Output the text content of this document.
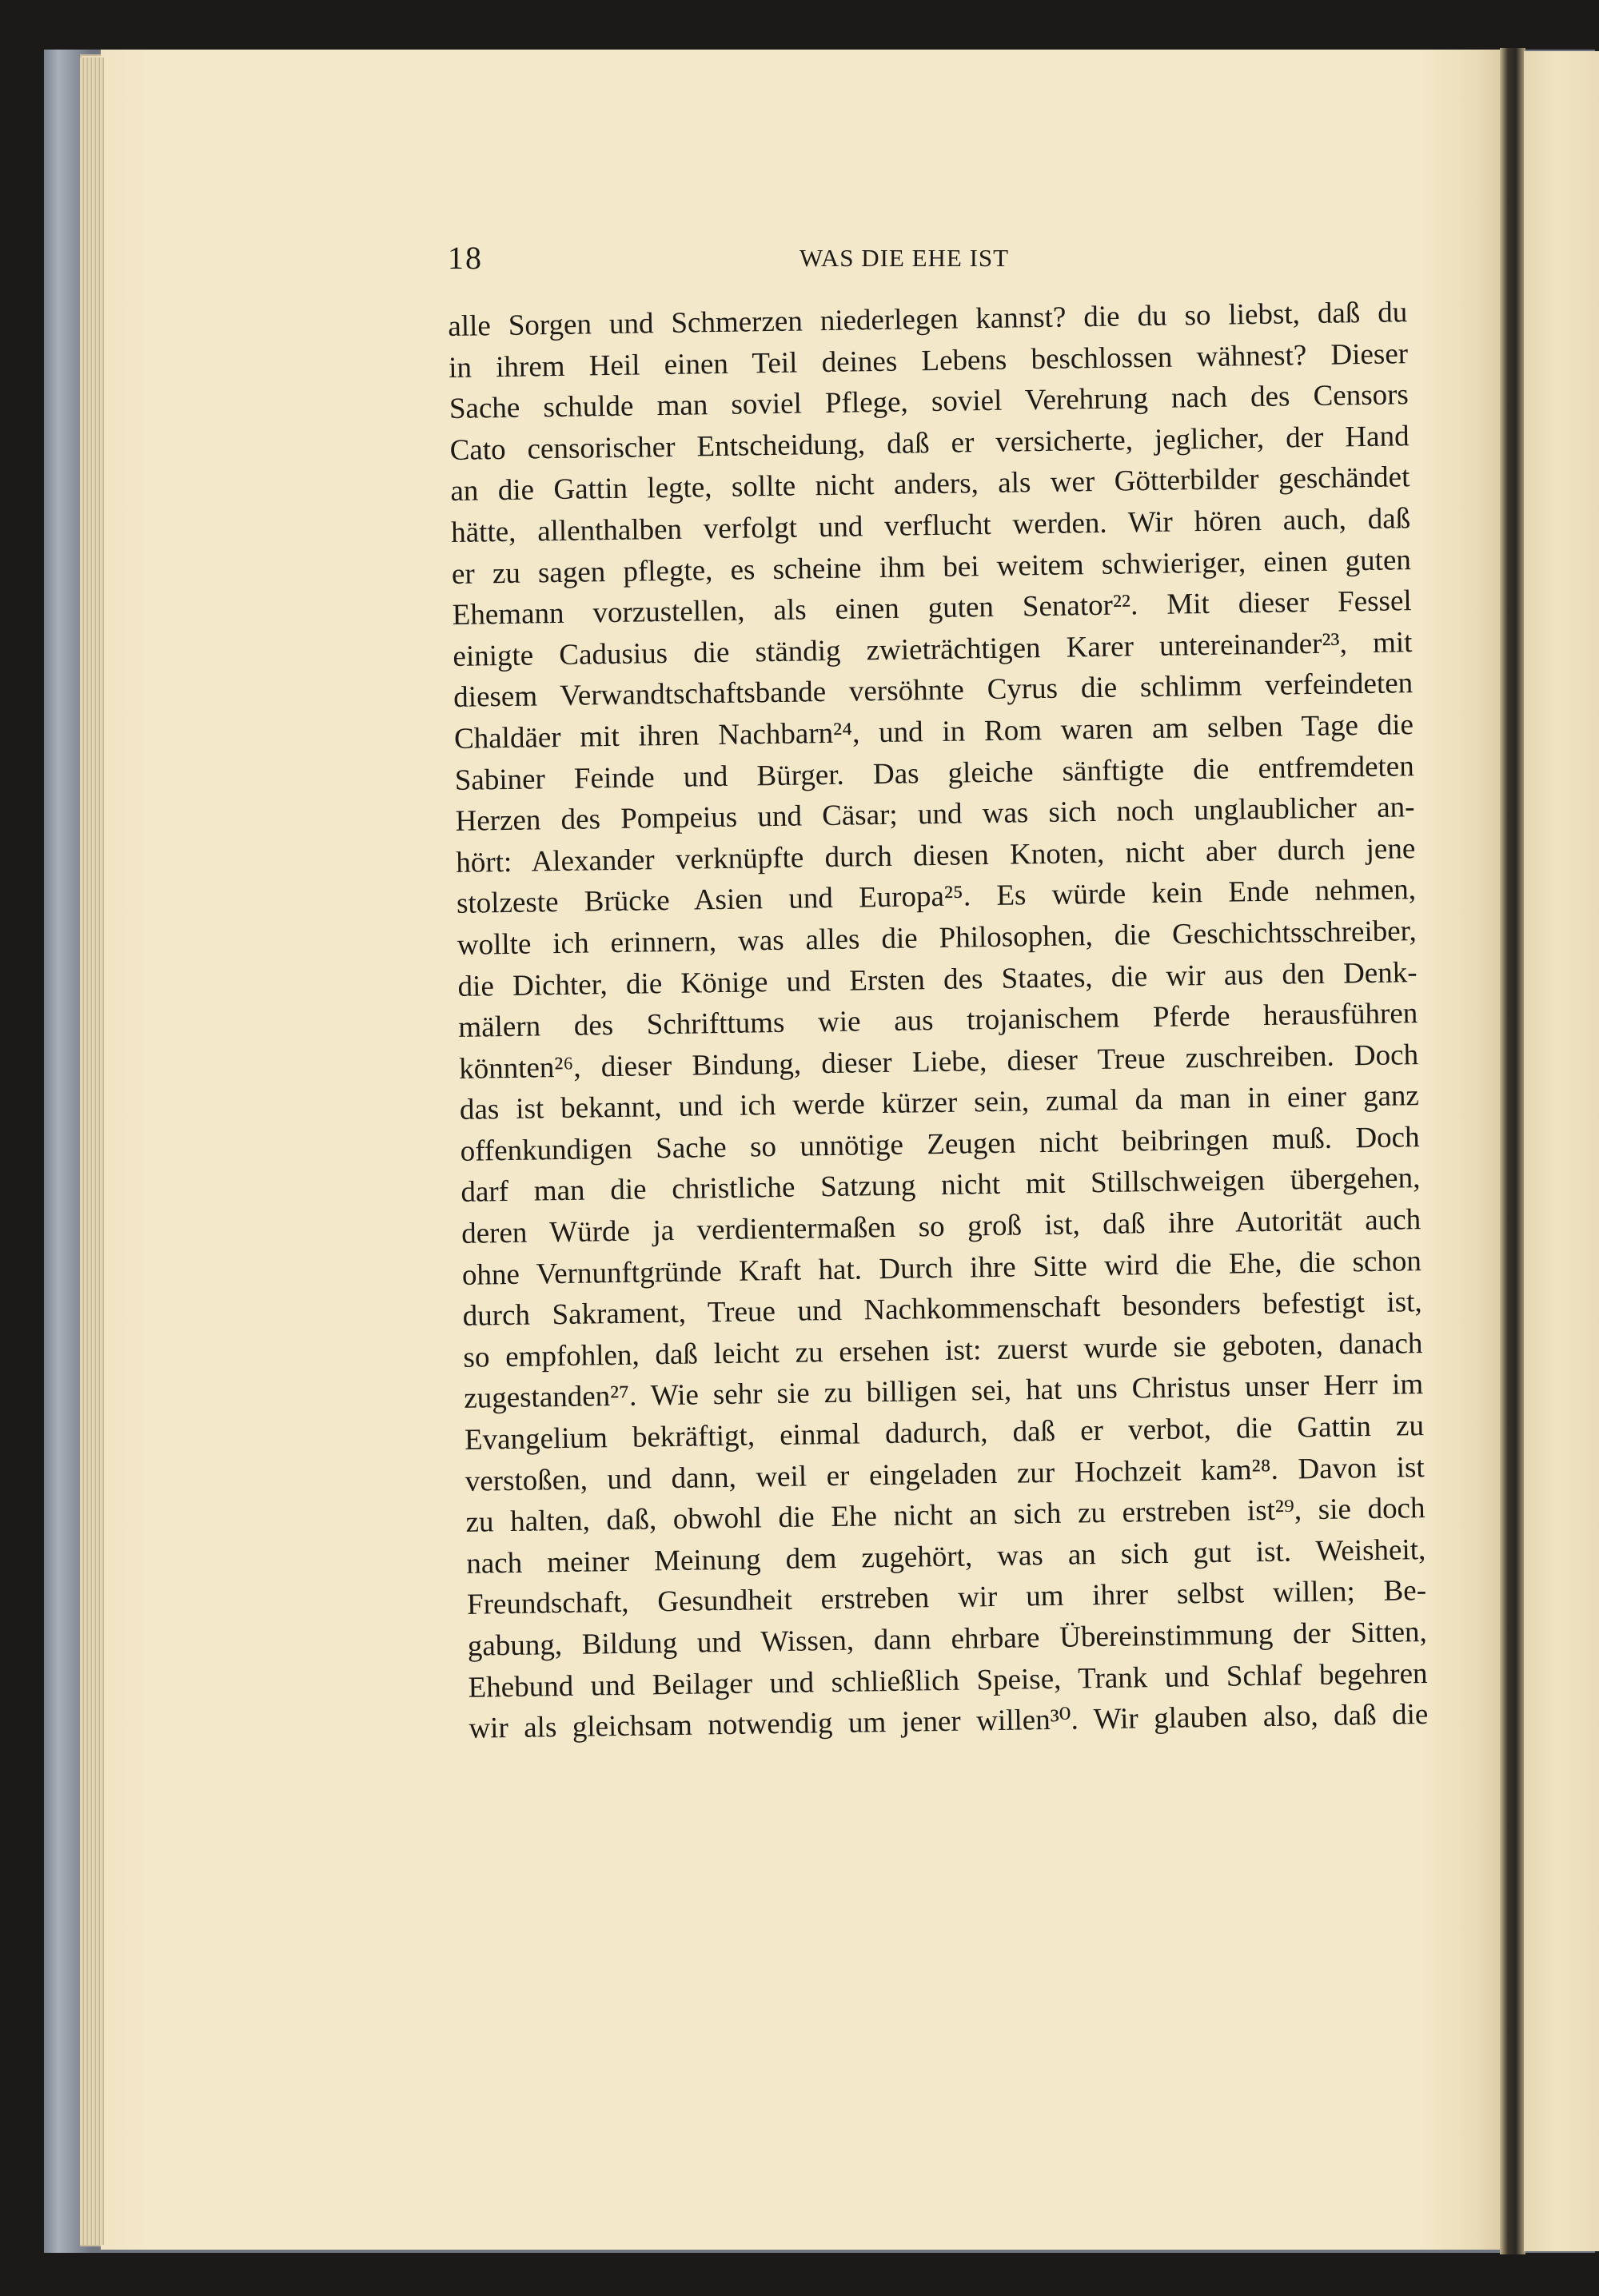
18	WAS DIE EHE IST
alle Sorgen und Schmerzen niederlegen kannst? die du so liebst, daß du
in ihrem Heil einen Teil deines Lebens beschlossen wähnest? Dieser
Sache schulde man soviel Pflege, soviel Verehrung nach des Censors
Cato censorischer Entscheidung, daß er versicherte, jeglicher, der Hand
an die Gattin legte, sollte nicht anders, als wer Götterbilder geschändet
hätte, allenthalben verfolgt und verflucht werden. Wir hören auch, daß
er zu sagen pflegte, es scheine ihm bei weitem schwieriger, einen guten
Ehemann vorzustellen, als einen guten Senator²². Mit dieser Fessel
einigte Cadusius die ständig zwieträchtigen Karer untereinander²³, mit
diesem Verwandtschaftsbande versöhnte Cyrus die schlimm verfeindeten
Chaldäer mit ihren Nachbarn²⁴, und in Rom waren am selben Tage die
Sabiner Feinde und Bürger. Das gleiche sänftigte die entfremdeten
Herzen des Pompeius und Cäsar; und was sich noch unglaublicher an-
hört: Alexander verknüpfte durch diesen Knoten, nicht aber durch jene
stolzeste Brücke Asien und Europa²⁵. Es würde kein Ende nehmen,
wollte ich erinnern, was alles die Philosophen, die Geschichtsschreiber,
die Dichter, die Könige und Ersten des Staates, die wir aus den Denk-
mälern des Schrifttums wie aus trojanischem Pferde herausführen
könnten²⁶, dieser Bindung, dieser Liebe, dieser Treue zuschreiben. Doch
das ist bekannt, und ich werde kürzer sein, zumal da man in einer ganz
offenkundigen Sache so unnötige Zeugen nicht beibringen muß. Doch
darf man die christliche Satzung nicht mit Stillschweigen übergehen,
deren Würde ja verdientermaßen so groß ist, daß ihre Autorität auch
ohne Vernunftgründe Kraft hat. Durch ihre Sitte wird die Ehe, die schon
durch Sakrament, Treue und Nachkommenschaft besonders befestigt ist,
so empfohlen, daß leicht zu ersehen ist: zuerst wurde sie geboten, danach
zugestanden²⁷. Wie sehr sie zu billigen sei, hat uns Christus unser Herr im
Evangelium bekräftigt, einmal dadurch, daß er verbot, die Gattin zu
verstoßen, und dann, weil er eingeladen zur Hochzeit kam²⁸. Davon ist
zu halten, daß, obwohl die Ehe nicht an sich zu erstreben ist²⁹, sie doch
nach meiner Meinung dem zugehört, was an sich gut ist. Weisheit,
Freundschaft, Gesundheit erstreben wir um ihrer selbst willen; Be-
gabung, Bildung und Wissen, dann ehrbare Übereinstimmung der Sitten,
Ehebund und Beilager und schließlich Speise, Trank und Schlaf begehren
wir als gleichsam notwendig um jener willen³⁰. Wir glauben also, daß die
